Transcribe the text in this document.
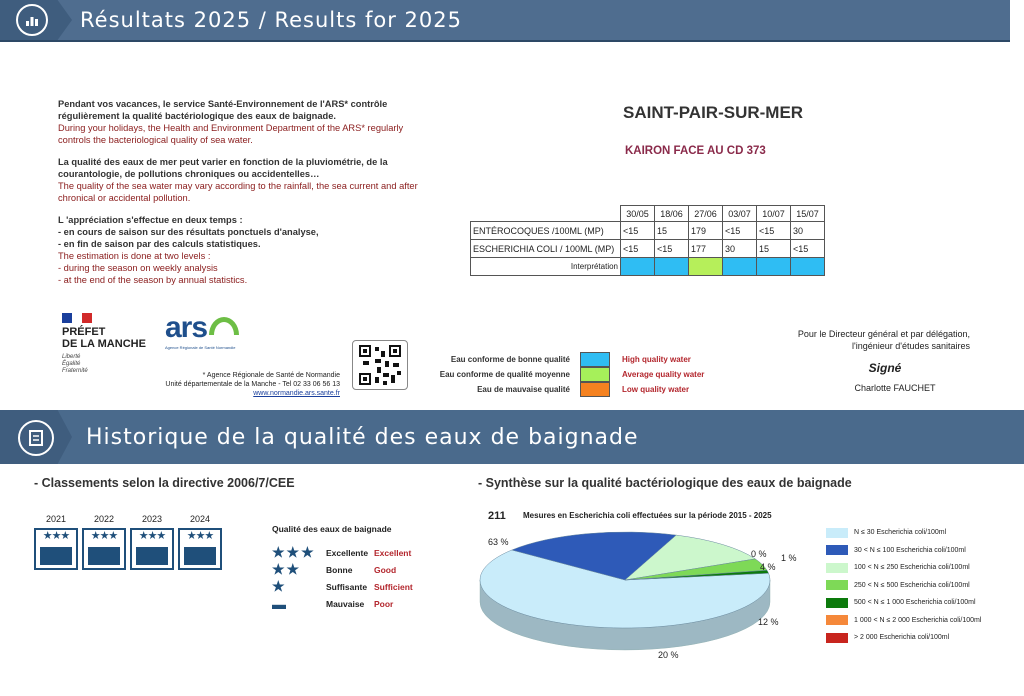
Résultats 2025 / Results for 2025
Pendant vos vacances, le service Santé-Environnement de l'ARS* contrôle régulièrement la qualité bactériologique des eaux de baignade.
During your holidays, the Health and Environment Department of the ARS* regularly controls the bacteriological quality of sea water.
La qualité des eaux de mer peut varier en fonction de la pluviométrie, de la courantologie, de pollutions chroniques ou accidentelles…
The quality of the sea water may vary according to the rainfall, the sea current and after chronical or accidental pollution.
L 'appréciation s'effectue en deux temps :
- en cours de saison sur des résultats ponctuels d'analyse,
- en fin de saison par des calculs statistiques.
The estimation is done at two levels :
- during the season on weekly analysis
- at the end of the season by annual statistics.
SAINT-PAIR-SUR-MER
KAIRON FACE AU CD 373
	30/05	18/06	27/06	03/07	10/07	15/07
ENTÉROCOQUES /100ML (MP)	<15	15	179	<15	<15	30
ESCHERICHIA COLI / 100ML (MP)	<15	<15	177	30	15	<15
Interprétation						
PRÉFET
DE LA MANCHE
Liberté
Égalité
Fraternité
ars
Agence Régionale de Santé Normandie
* Agence Régionale de Santé de Normandie
Unité départementale de la Manche - Tel 02 33 06 56 13
www.normandie.ars.sante.fr
Eau conforme de bonne qualité	High quality water
Eau conforme de qualité moyenne	Average quality water
Eau de mauvaise qualité	Low quality water
Pour le Directeur général et par délégation,
l'ingénieur d'études sanitaires
Signé
Charlotte FAUCHET
Historique de la qualité des eaux de baignade
- Classements selon la directive 2006/7/CEE
2021
★★★
2022
★★★
2023
★★★
2024
★★★
Qualité des eaux de baignade
★★★	Excellente Excellent
★★	Bonne	Good
★	Suffisante Sufficient
▬	Mauvaise	Poor
- Synthèse sur la qualité bactériologique des eaux de baignade
211 Mesures en Escherichia coli effectuées sur la période 2015 - 2025
63 %
20 %
12 %
4 %
1 %
0 %
N ≤ 30 Escherichia coli/100ml
30 < N ≤ 100 Escherichia coli/100ml
100 < N ≤ 250 Escherichia coli/100ml
250 < N ≤ 500 Escherichia coli/100ml
500 < N ≤ 1 000 Escherichia coli/100ml
1 000 < N ≤ 2 000 Escherichia coli/100ml
> 2 000 Escherichia coli/100ml
